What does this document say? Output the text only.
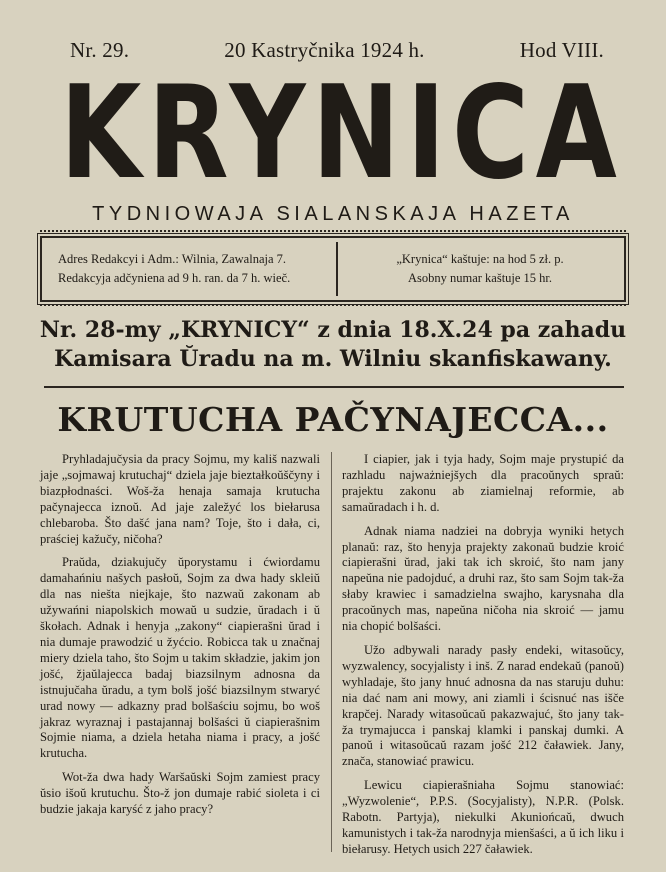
Nr. 29.	20 Kastryčnika 1924 h.	Hod VIII.
KRYNICA
TYDNIOWAJA SIALANSKAJA HAZETA
Adres Redakcyi i Adm.: Wilnia, Zawalnaja 7.
Redakcyja adčyniena ad 9 h. ran. da 7 h. wieč.
„Krynica“ kaštuje: na hod 5 zł. p.
Asobny numar kaštuje 15 hr.
Nr. 28-my „KRYNICY“ z dnia 18.X.24 pa zahadu
Kamisara Ŭradu na m. Wilniu skanfiskawany.
KRUTUCHA PAČYNAJECCA...

Pryhladajučysia da pracy Sojmu, my kališ nazwali jaje „sojmawaj krutuchaj“ dziela jaje bieztałkoŭščyny i biazpłodnaści. Woš-ža henaja samaja krutucha pačynajecca iznoŭ. Ad jaje zaležyć los biełarusa chlebaroba. Što dašć jana nam? Toje, što i dała, ci, praściej kažučy, ničoha?

Praŭda, dziakujučy ŭporystamu i ćwiordamu damahańniu našych pasłoŭ, Sojm za dwa hady skleiŭ dla nas niešta niejkaje, što nazwaŭ zakonam ab užywańni niapolskich mowaŭ u sudzie, ŭradach i ŭ škołach. Adnak i henyja „zakony“ ciapierašni ŭrad i nia dumaje prawodzić u žyćcio. Robicca tak u značnaj miery dziela taho, što Sojm u takim składzie, jakim jon jošć, žjaŭlajecca badaj biazsilnym adnosna da istnujučaha ŭradu, a tym bolš jošć biazsilnym stwaryć urad nowy — adkazny prad bolšaściu sojmu, bo woš jakraz wyraznaj i pastajannaj bolšaści ŭ ciapierašnim Sojmie niama, a dziela hetaha niama i pracy, a jošć krutucha.

Wot-ža dwa hady Waršaŭski Sojm zamiest pracy ŭsio išoŭ krutuchu. Što-ž jon dumaje rabić sioleta i ci budzie jakaja karyść z jaho pracy?

I ciapier, jak i tyja hady, Sojm maje prystupić da razhladu najważniejšych dla pracoŭnych spraŭ: prajektu zakonu ab ziamielnaj reformie, ab samaŭradach i h. d.

Adnak niama nadziei na dobryja wyniki hetych planaŭ: raz, što henyja prajekty zakonaŭ budzie kroić ciapierašni ŭrad, jaki tak ich skroić, što nam jany napeŭna nie padojduć, a druhi raz, što sam Sojm tak-ža słaby krawiec i samadzielna swajho, karysnaha dla pracoŭnych mas, napeŭna ničoha nia skroić — jamu nia chopić bolšaści.

Užo adbywali narady pasły endeki, witasoŭcy, wyzwalency, socyjalisty i inš. Z narad endekaŭ (panoŭ) wyhladaje, što jany hnuć adnosna da nas staruju duhu: nia dać nam ani mowy, ani ziamli i ścisnuć nas išče krapčej. Narady witasoŭcaŭ pakazwajuć, što jany tak-ža trymajucca i panskaj klamki i panskaj dumki. A panoŭ i witasoŭcaŭ razam jošć 212 čaławiek. Jany, znača, stanowiać prawicu.

Lewicu ciapierašniaha Sojmu stanowiać: „Wyzwolenie“, P.P.S. (Socyjalisty), N.P.R. (Polsk. Rabotn. Partyja), niekulki Akuniońcaŭ, dwuch kamunistych i tak-ža narodnyja mienšaści, a ŭ ich liku i biełarusy. Hetych usich 227 čaławiek.
